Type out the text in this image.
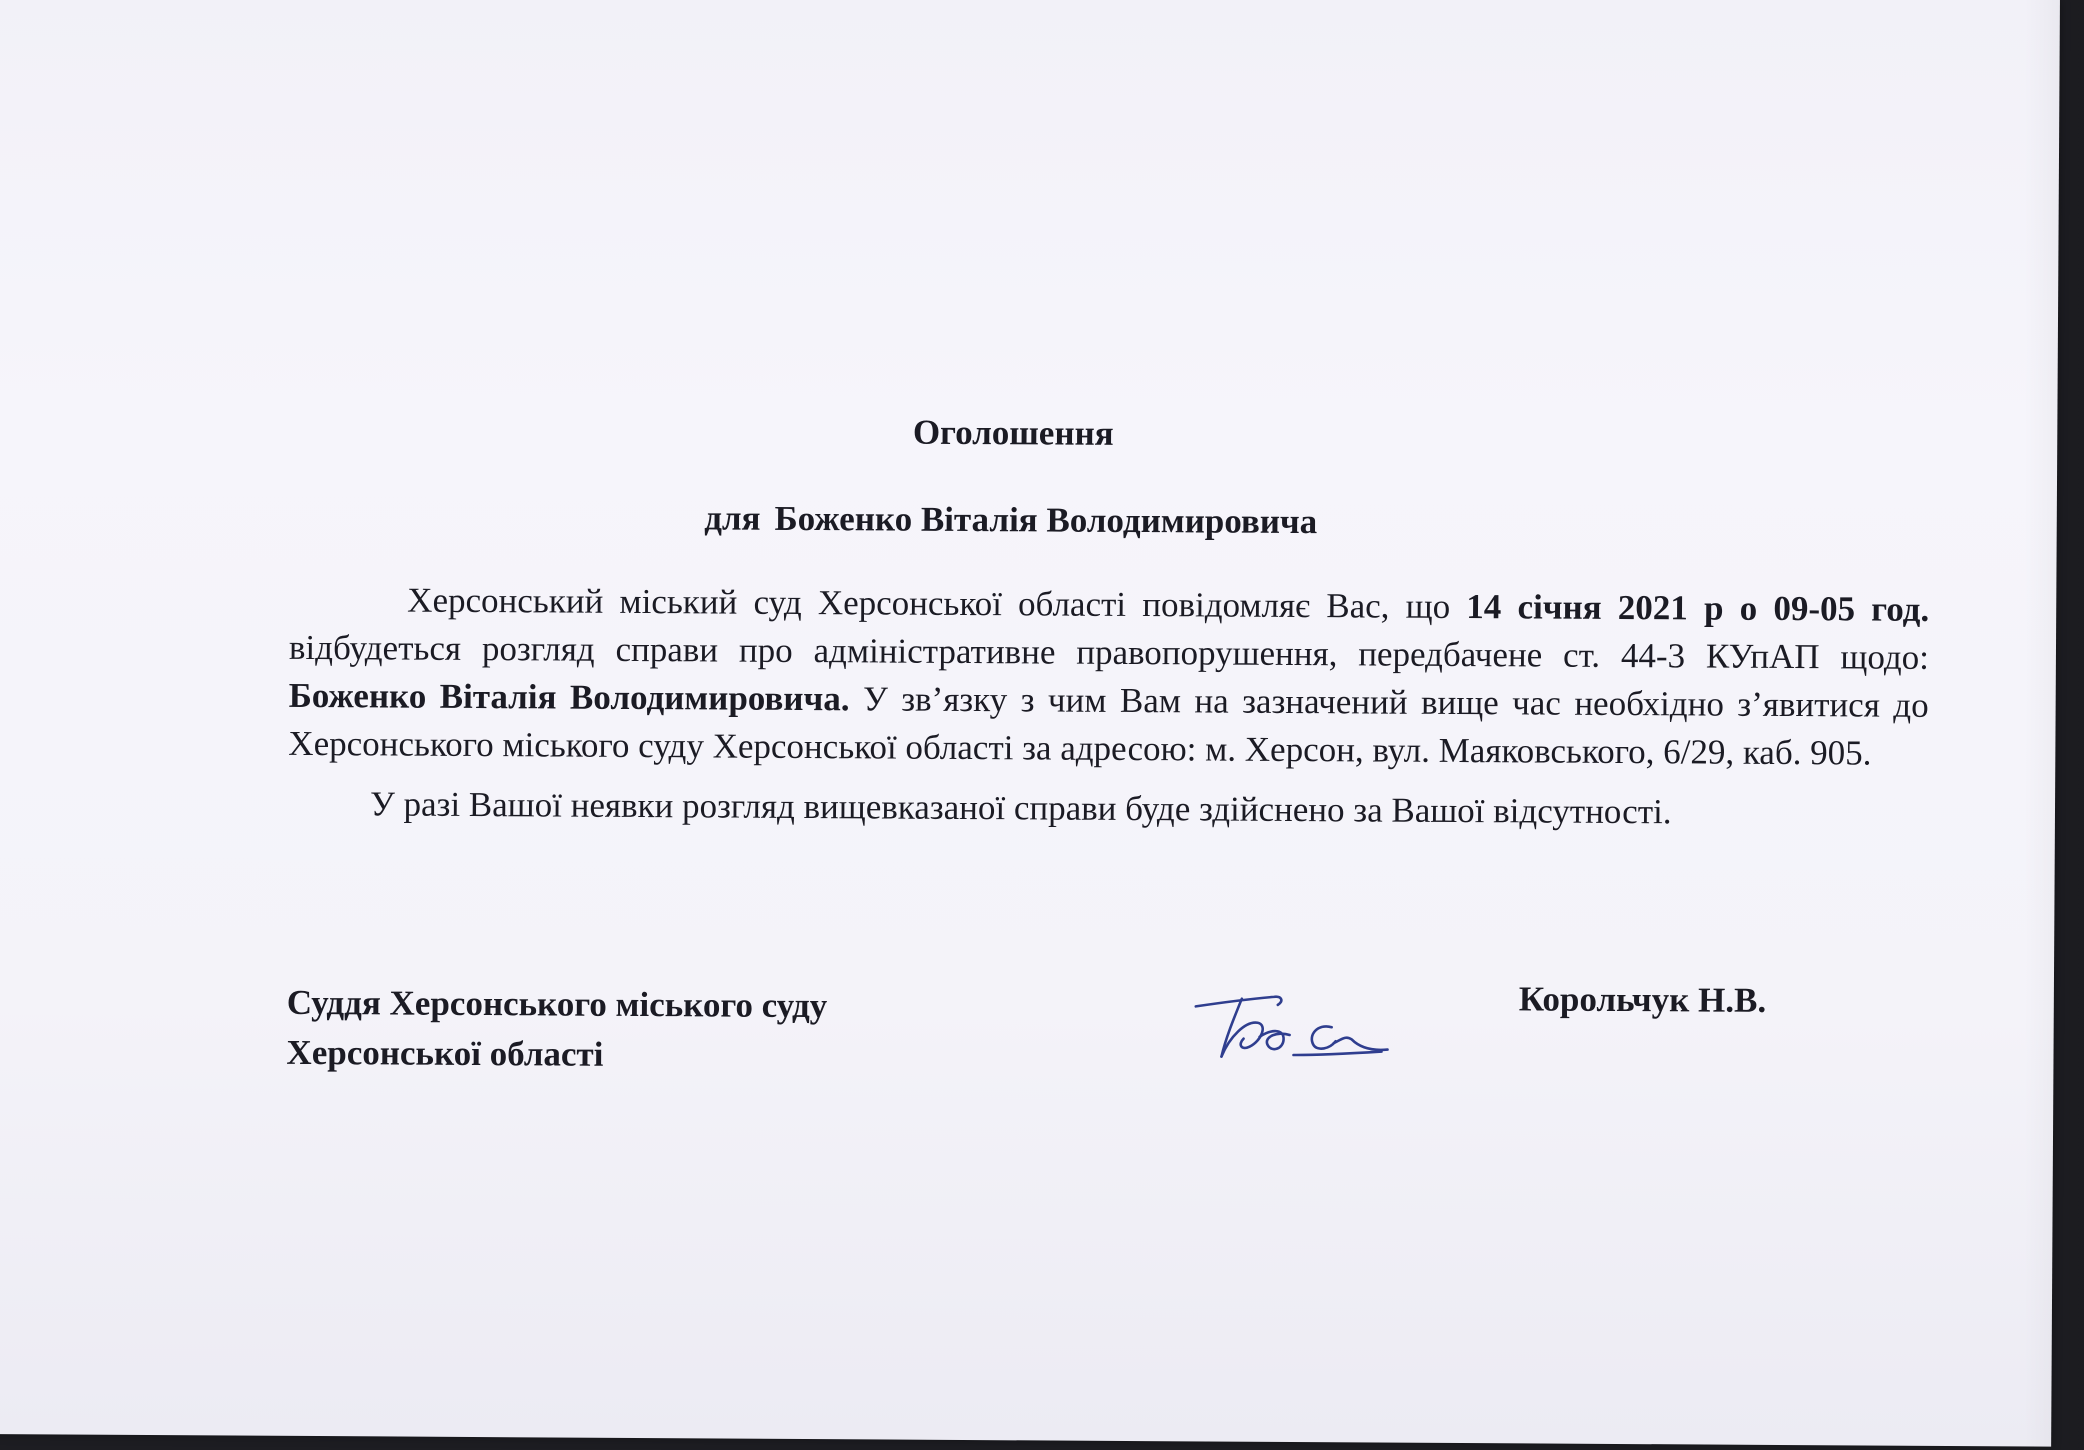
Оголошення
для Боженко Віталія Володимировича

Херсонський міський суд Херсонської області повідомляє Вас, що 14 січня 2021 р о 09-05 год. відбудеться розгляд справи про адміністративне правопорушення, передбачене ст. 44-3 КУпАП щодо: Боженко Віталія Володимировича. У зв’язку з чим Вам на зазначений вище час необхідно з’явитися до Херсонського міського суду Херсонської області за адресою: м. Херсон, вул. Маяковського, 6/29, каб. 905.

У разі Вашої неявки розгляд вищевказаної справи буде здійснено за Вашої відсутності.

Суддя Херсонського міського суду
Херсонської області
Корольчук Н.В.
